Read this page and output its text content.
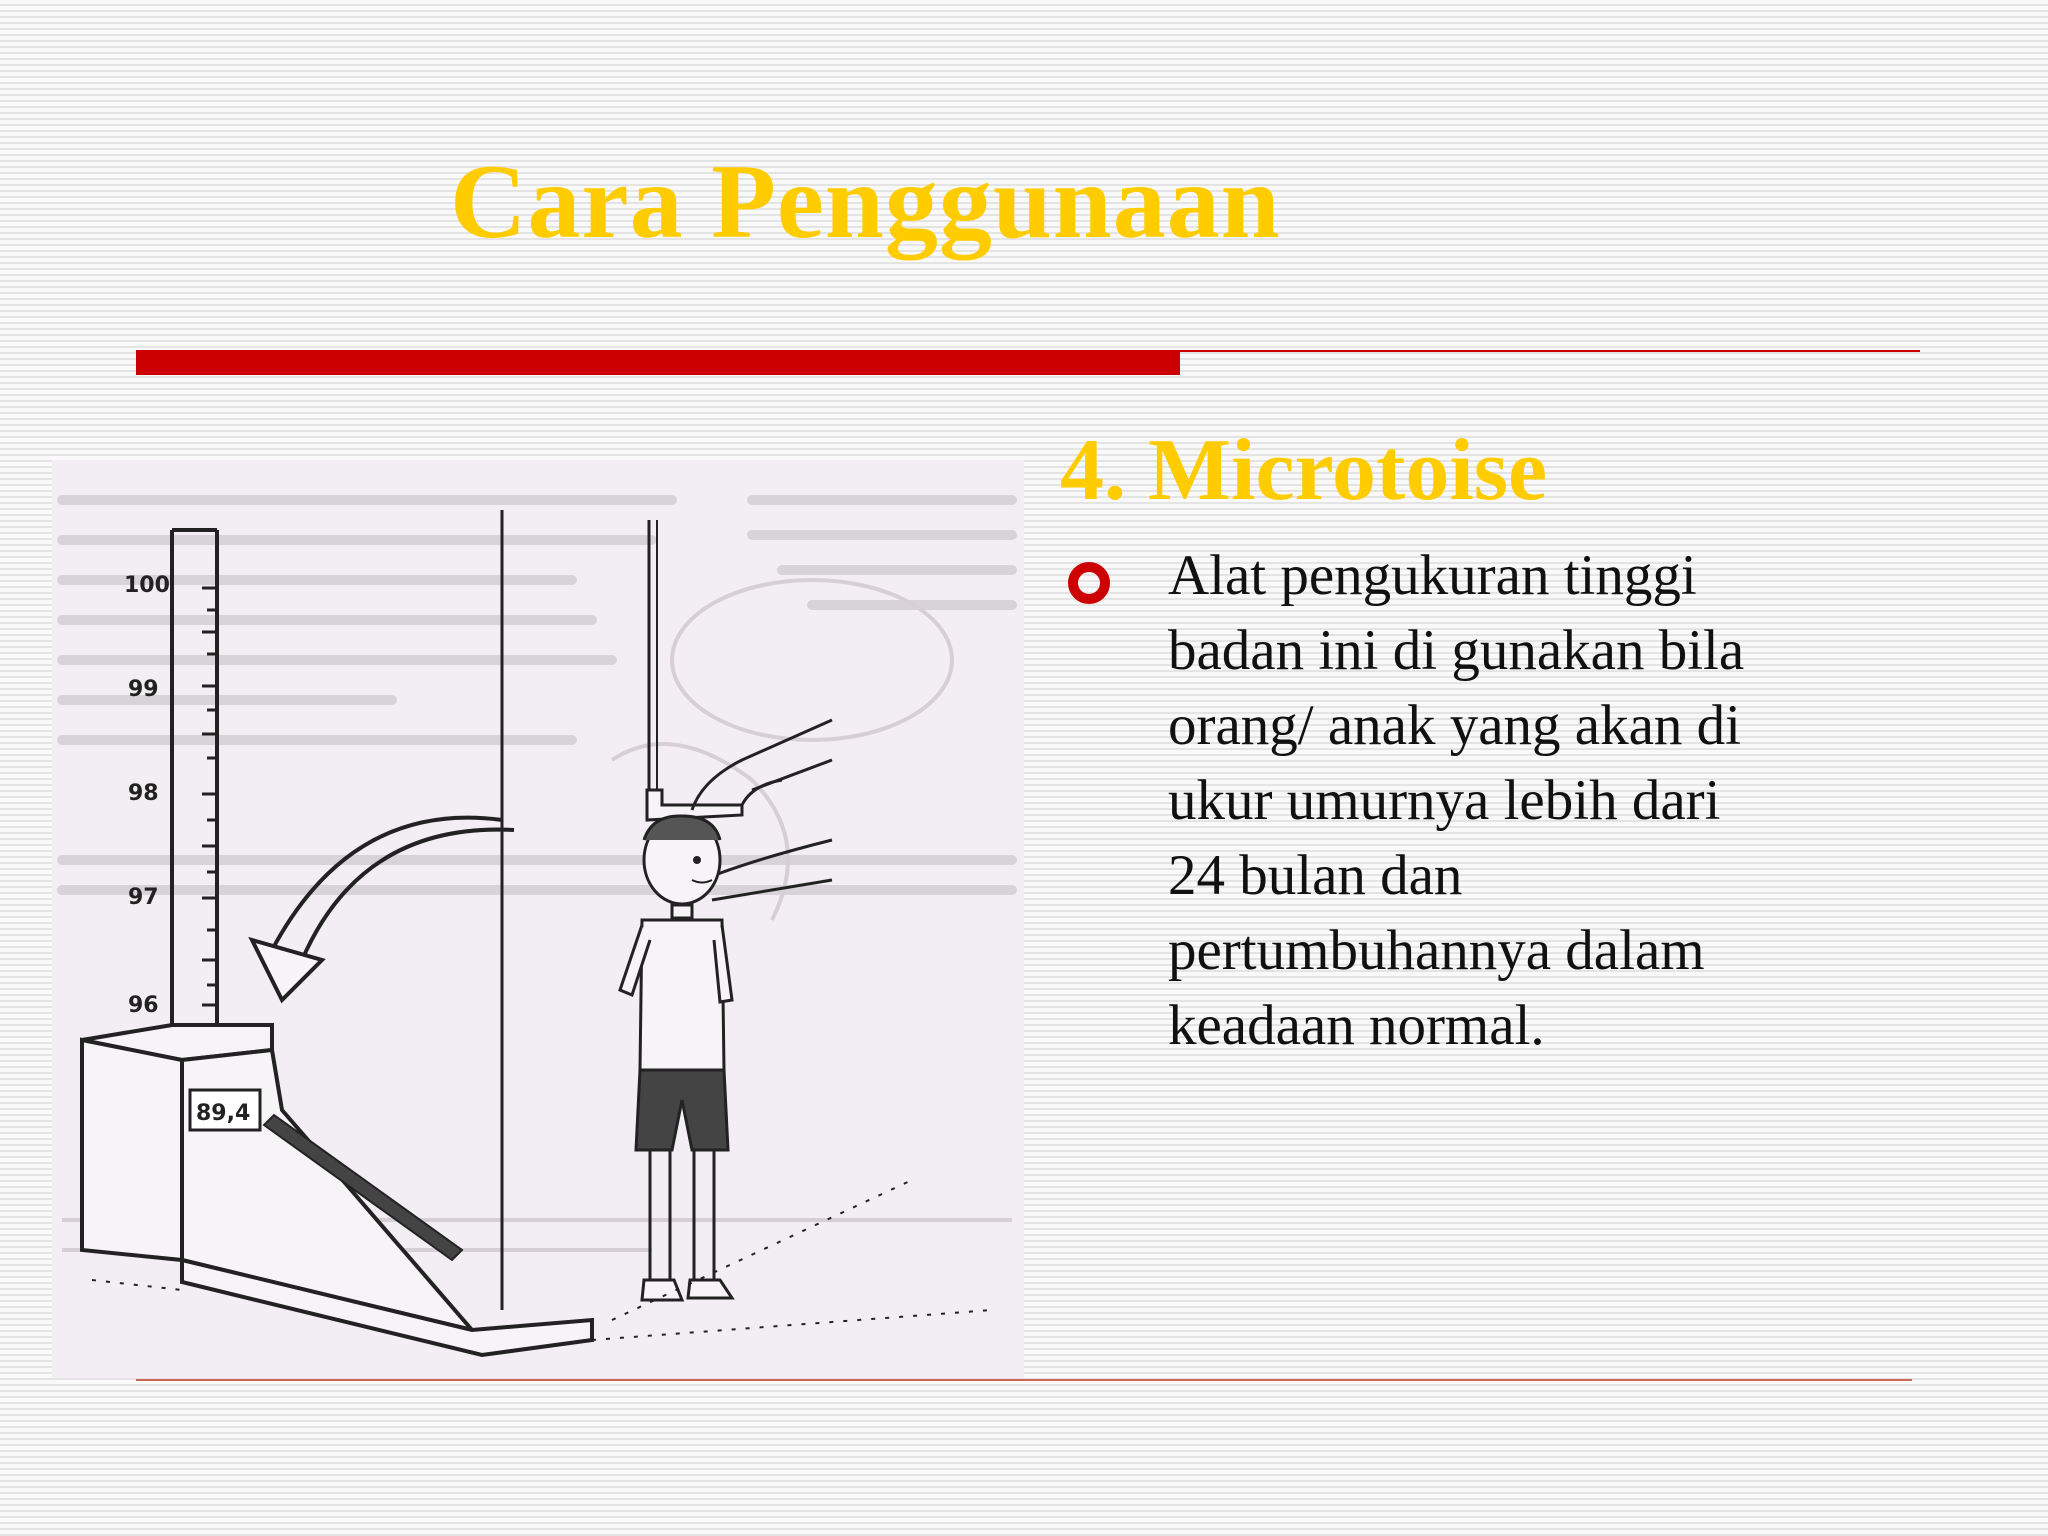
Cara Penggunaan
100
99
98
97
96
89,4
4. Microtoise

Alat pengukuran tinggi
badan ini di gunakan bila
orang/ anak yang akan di
ukur umurnya lebih dari
24 bulan dan
pertumbuhannya dalam
keadaan normal.
